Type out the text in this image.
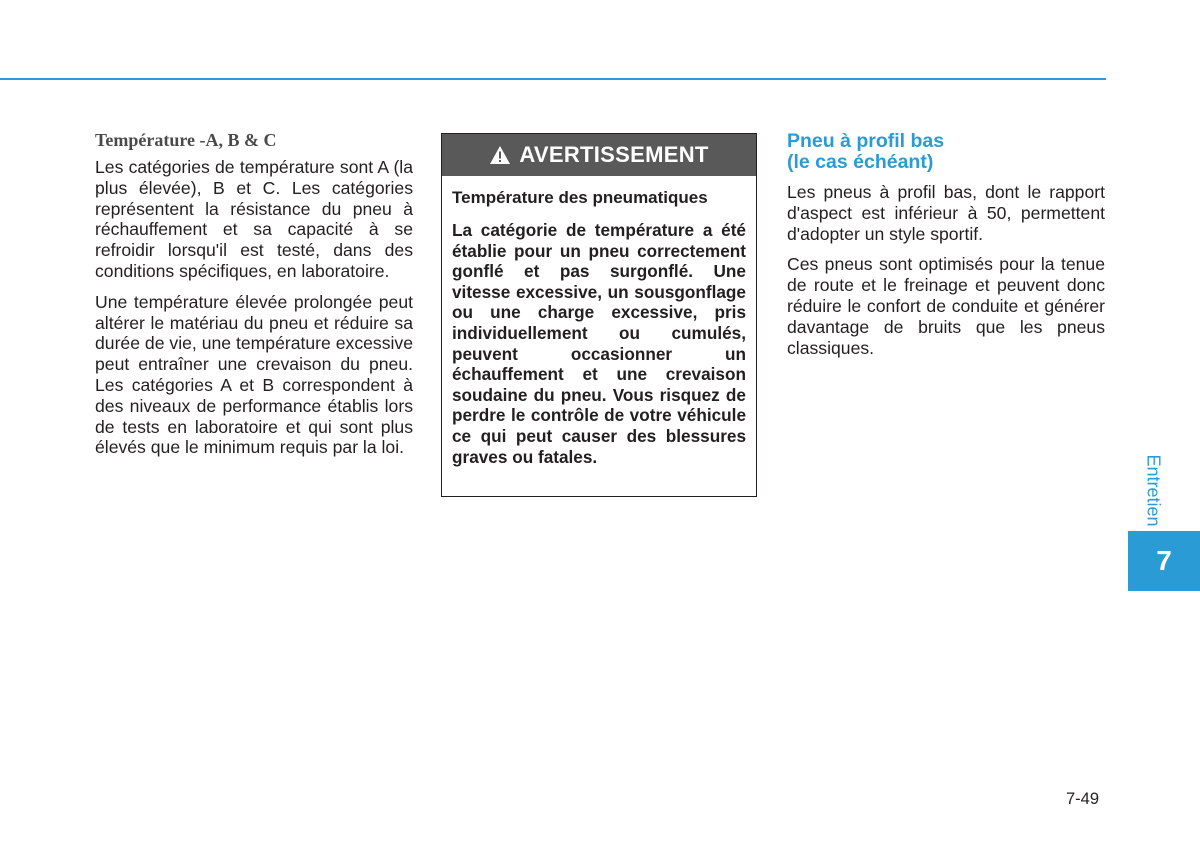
Température -A, B & C

Les catégories de température sont A (la plus élevée), B et C. Les catégories représentent la résistance du pneu à réchauffement et sa capacité à se refroidir lorsqu'il est testé, dans des conditions spécifiques, en laboratoire.

Une température élevée prolongée peut altérer le matériau du pneu et réduire sa durée de vie, une température excessive peut entraîner une crevaison du pneu. Les catégories A et B correspondent à des niveaux de performance établis lors de tests en laboratoire et qui sont plus élevés que le minimum requis par la loi.

AVERTISSEMENT

Température des pneumatiques

La catégorie de température a été établie pour un pneu correctement gonflé et pas surgonflé. Une vitesse excessive, un sousgonflage ou une charge excessive, pris individuellement ou cumulés, peuvent occasionner un échauffement et une crevaison soudaine du pneu. Vous risquez de perdre le contrôle de votre véhicule ce qui peut causer des blessures graves ou fatales.

Pneu à profil bas
(le cas échéant)

Les pneus à profil bas, dont le rapport d'aspect est inférieur à 50, permettent d'adopter un style sportif.

Ces pneus sont optimisés pour la tenue de route et le freinage et peuvent donc réduire le confort de conduite et générer davantage de bruits que les pneus classiques.

Entretien
7
7-49
